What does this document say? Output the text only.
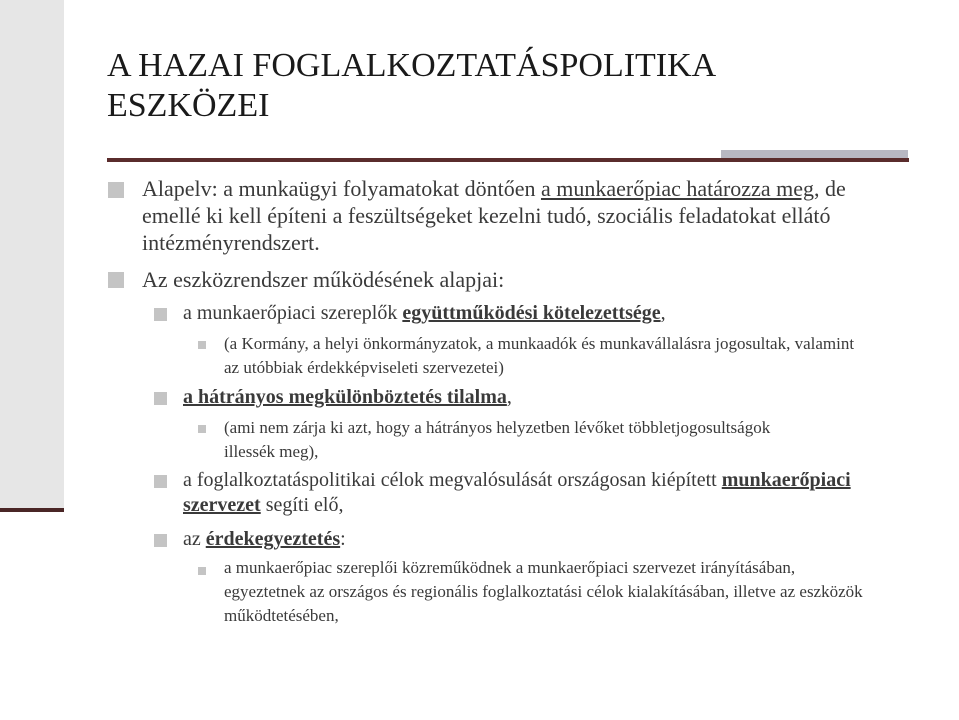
A HAZAI FOGLALKOZTATÁSPOLITIKA
ESZKÖZEI
Alapelv: a munkaügyi folyamatokat döntően a munkaerőpiac határozza meg, de emellé ki kell építeni a feszültségeket kezelni tudó, szociális feladatokat ellátó intézményrendszert.
Az eszközrendszer működésének alapjai:
a munkaerőpiaci szereplők együttműködési kötelezettsége,
(a Kormány, a helyi önkormányzatok, a munkaadók és munkavállalásra jogosultak, valamint az utóbbiak érdekképviseleti szervezetei)
a hátrányos megkülönböztetés tilalma,
(ami nem zárja ki azt, hogy a hátrányos helyzetben lévőket többletjogosultságok illessék meg),
a foglalkoztatáspolitikai célok megvalósulását országosan kiépített munkaerőpiaci szervezet segíti elő,
az érdekegyeztetés:
a munkaerőpiac szereplői közreműködnek a munkaerőpiaci szervezet irányításában, egyeztetnek az országos és regionális foglalkoztatási célok kialakításában, illetve az eszközök működtetésében,
